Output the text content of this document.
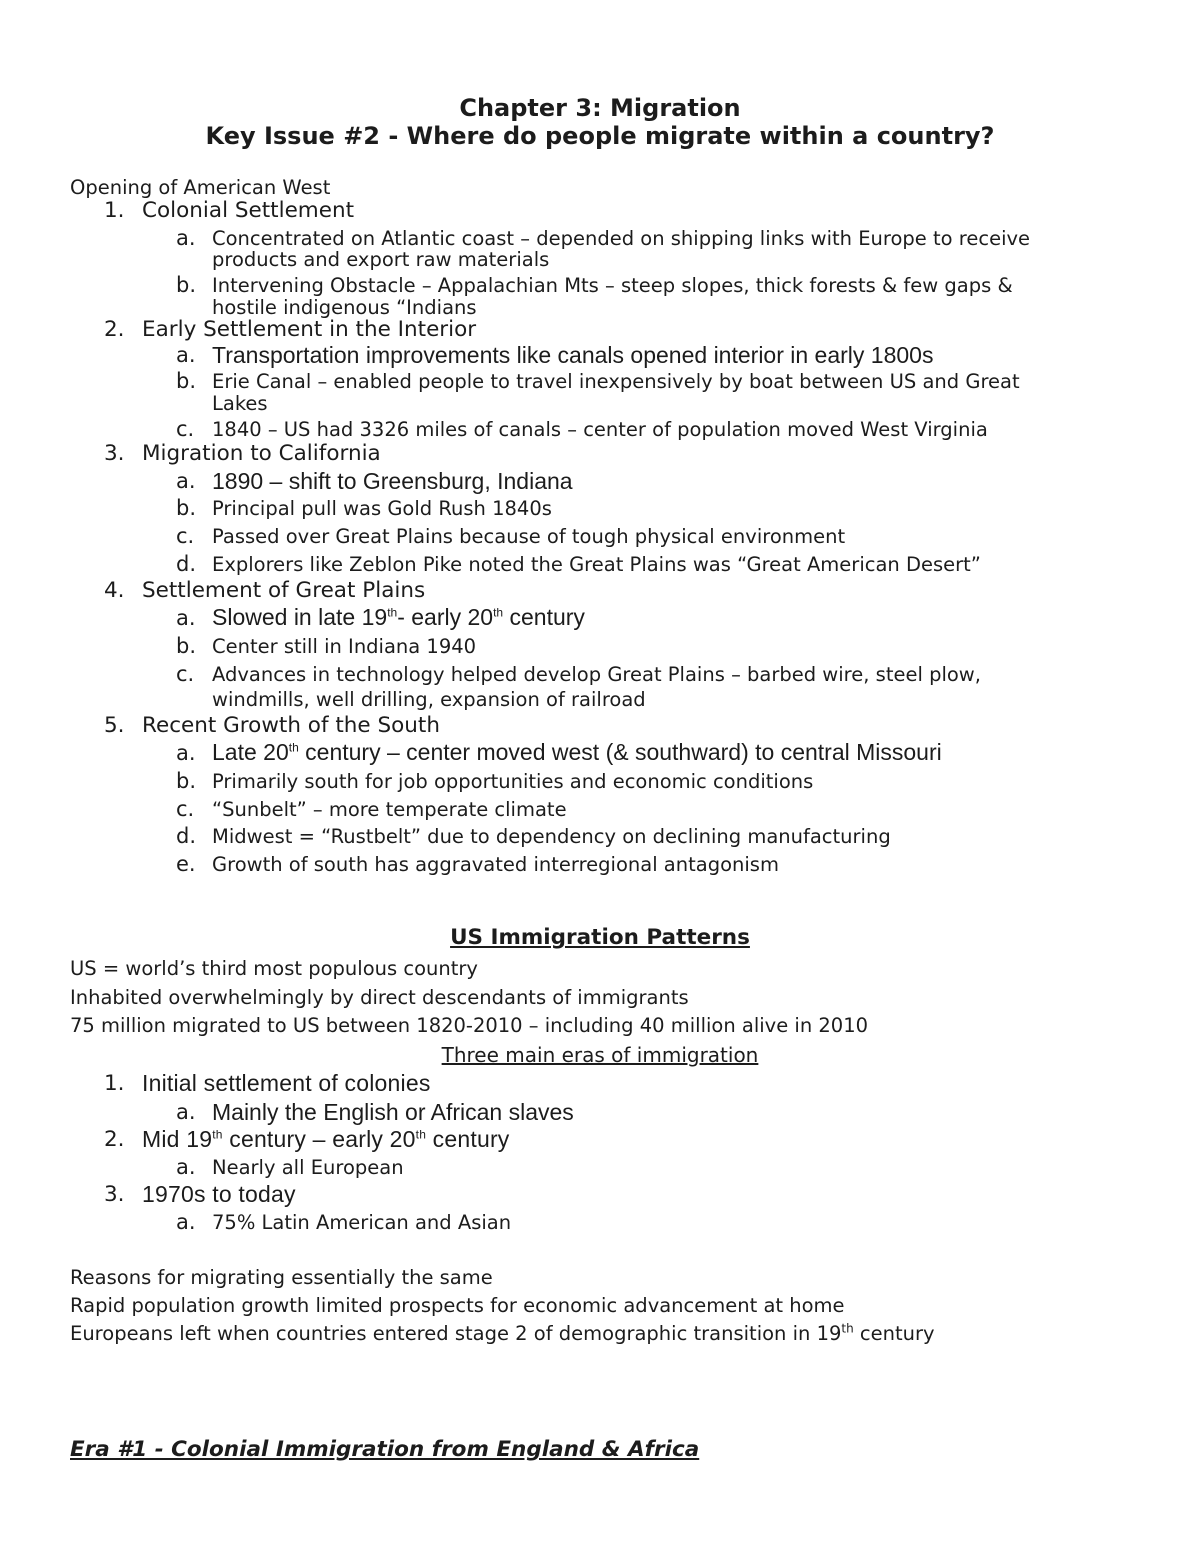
Chapter 3: Migration
Key Issue #2 - Where do people migrate within a country?
Opening of American West
1. Colonial Settlement
a. Concentrated on Atlantic coast – depended on shipping links with Europe to receive
products and export raw materials
b. Intervening Obstacle – Appalachian Mts – steep slopes, thick forests & few gaps &
hostile indigenous “Indians
2. Early Settlement in the Interior
a. Transportation improvements like canals opened interior in early 1800s
b. Erie Canal – enabled people to travel inexpensively by boat between US and Great
Lakes
c. 1840 – US had 3326 miles of canals – center of population moved West Virginia
3. Migration to California
a. 1890 – shift to Greensburg, Indiana
b. Principal pull was Gold Rush 1840s
c. Passed over Great Plains because of tough physical environment
d. Explorers like Zeblon Pike noted the Great Plains was “Great American Desert”
4. Settlement of Great Plains
a. Slowed in late 19th- early 20th century
b. Center still in Indiana 1940
c. Advances in technology helped develop Great Plains – barbed wire, steel plow,
windmills, well drilling, expansion of railroad
5. Recent Growth of the South
a. Late 20th century – center moved west (& southward) to central Missouri
b. Primarily south for job opportunities and economic conditions
c. “Sunbelt” – more temperate climate
d. Midwest = “Rustbelt” due to dependency on declining manufacturing
e. Growth of south has aggravated interregional antagonism
US Immigration Patterns
US = world’s third most populous country
Inhabited overwhelmingly by direct descendants of immigrants
75 million migrated to US between 1820-2010 – including 40 million alive in 2010
Three main eras of immigration
1. Initial settlement of colonies
a. Mainly the English or African slaves
2. Mid 19th century – early 20th century
a. Nearly all European
3. 1970s to today
a. 75% Latin American and Asian
Reasons for migrating essentially the same
Rapid population growth limited prospects for economic advancement at home
Europeans left when countries entered stage 2 of demographic transition in 19th century
Era #1 - Colonial Immigration from England & Africa
